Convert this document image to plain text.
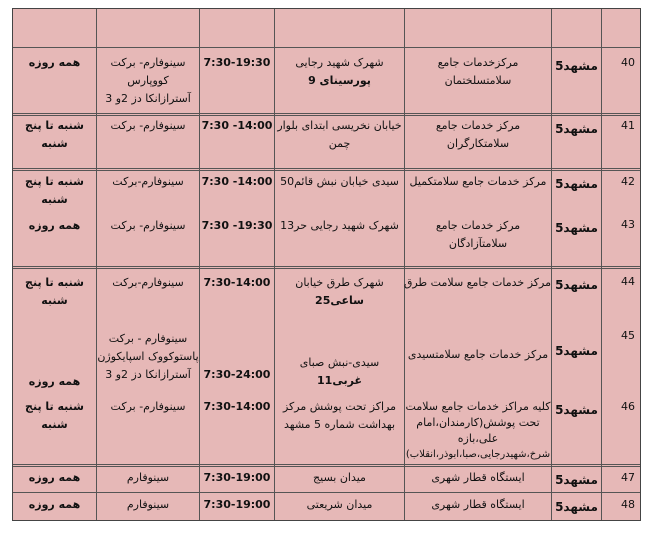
40
مشهد5
مرکزخدمات جامع
سلامتسلختمان
شهرک شهید رجایی
پورسینای 9
7:30-19:30
سینوفارم- برکت
کووپارس
آسترازانکا دز 2و 3
همه روزه
41
مشهد5
مرکز خدمات جامع
سلامتکارگران
خیابان نخریسی ابتدای بلوار
چمن
7:30 -14:00
سینوفارم- برکت
شنبه تا پنج
شنبه
42
مشهد5
مرکز خدمات جامع سلامتکمیل
سیدی خیابان نبش قائم50
7:30 -14:00
سینوفارم-برکت
شنبه تا پنج
شنبه
43
مشهد5
مرکز خدمات جامع
سلامتآزادگان
شهرک شهید رجایی حر13
7:30 -19:30
سینوفارم- برکت
همه روزه
44
مشهد5
مرکز خدمات جامع سلامت طرق
شهرک طرق خیابان
ساعی25
7:30-14:00
سینوفارم-برکت
شنبه تا پنج
شنبه
45
مشهد5
مرکز خدمات جامع سلامتسیدی
سیدی-نبش صبای
غربی11
7:30-24:00
سینوفارم - برکت
پاستوکووک اسپایکوژن
آسترازانکا دز 2و 3
همه روزه
46
مشهد5
کلیه مراکز خدمات جامع سلامت
تحت پوشش(کارمندان،امام
علی،بازه
شرخ،شهیدرجایی،صبا،ابوذر،انقلاب)
مراکز تحت پوشش مرکز
بهداشت شماره 5 مشهد
7:30-14:00
سینوفارم- برکت
شنبه تا پنج
شنبه
47
مشهد5
ایستگاه قطار شهری
میدان بسیج
7:30-19:00
سینوفارم
همه روزه
48
مشهد5
ایستگاه قطار شهری
میدان شریعتی
7:30-19:00
سینوفارم
همه روزه
